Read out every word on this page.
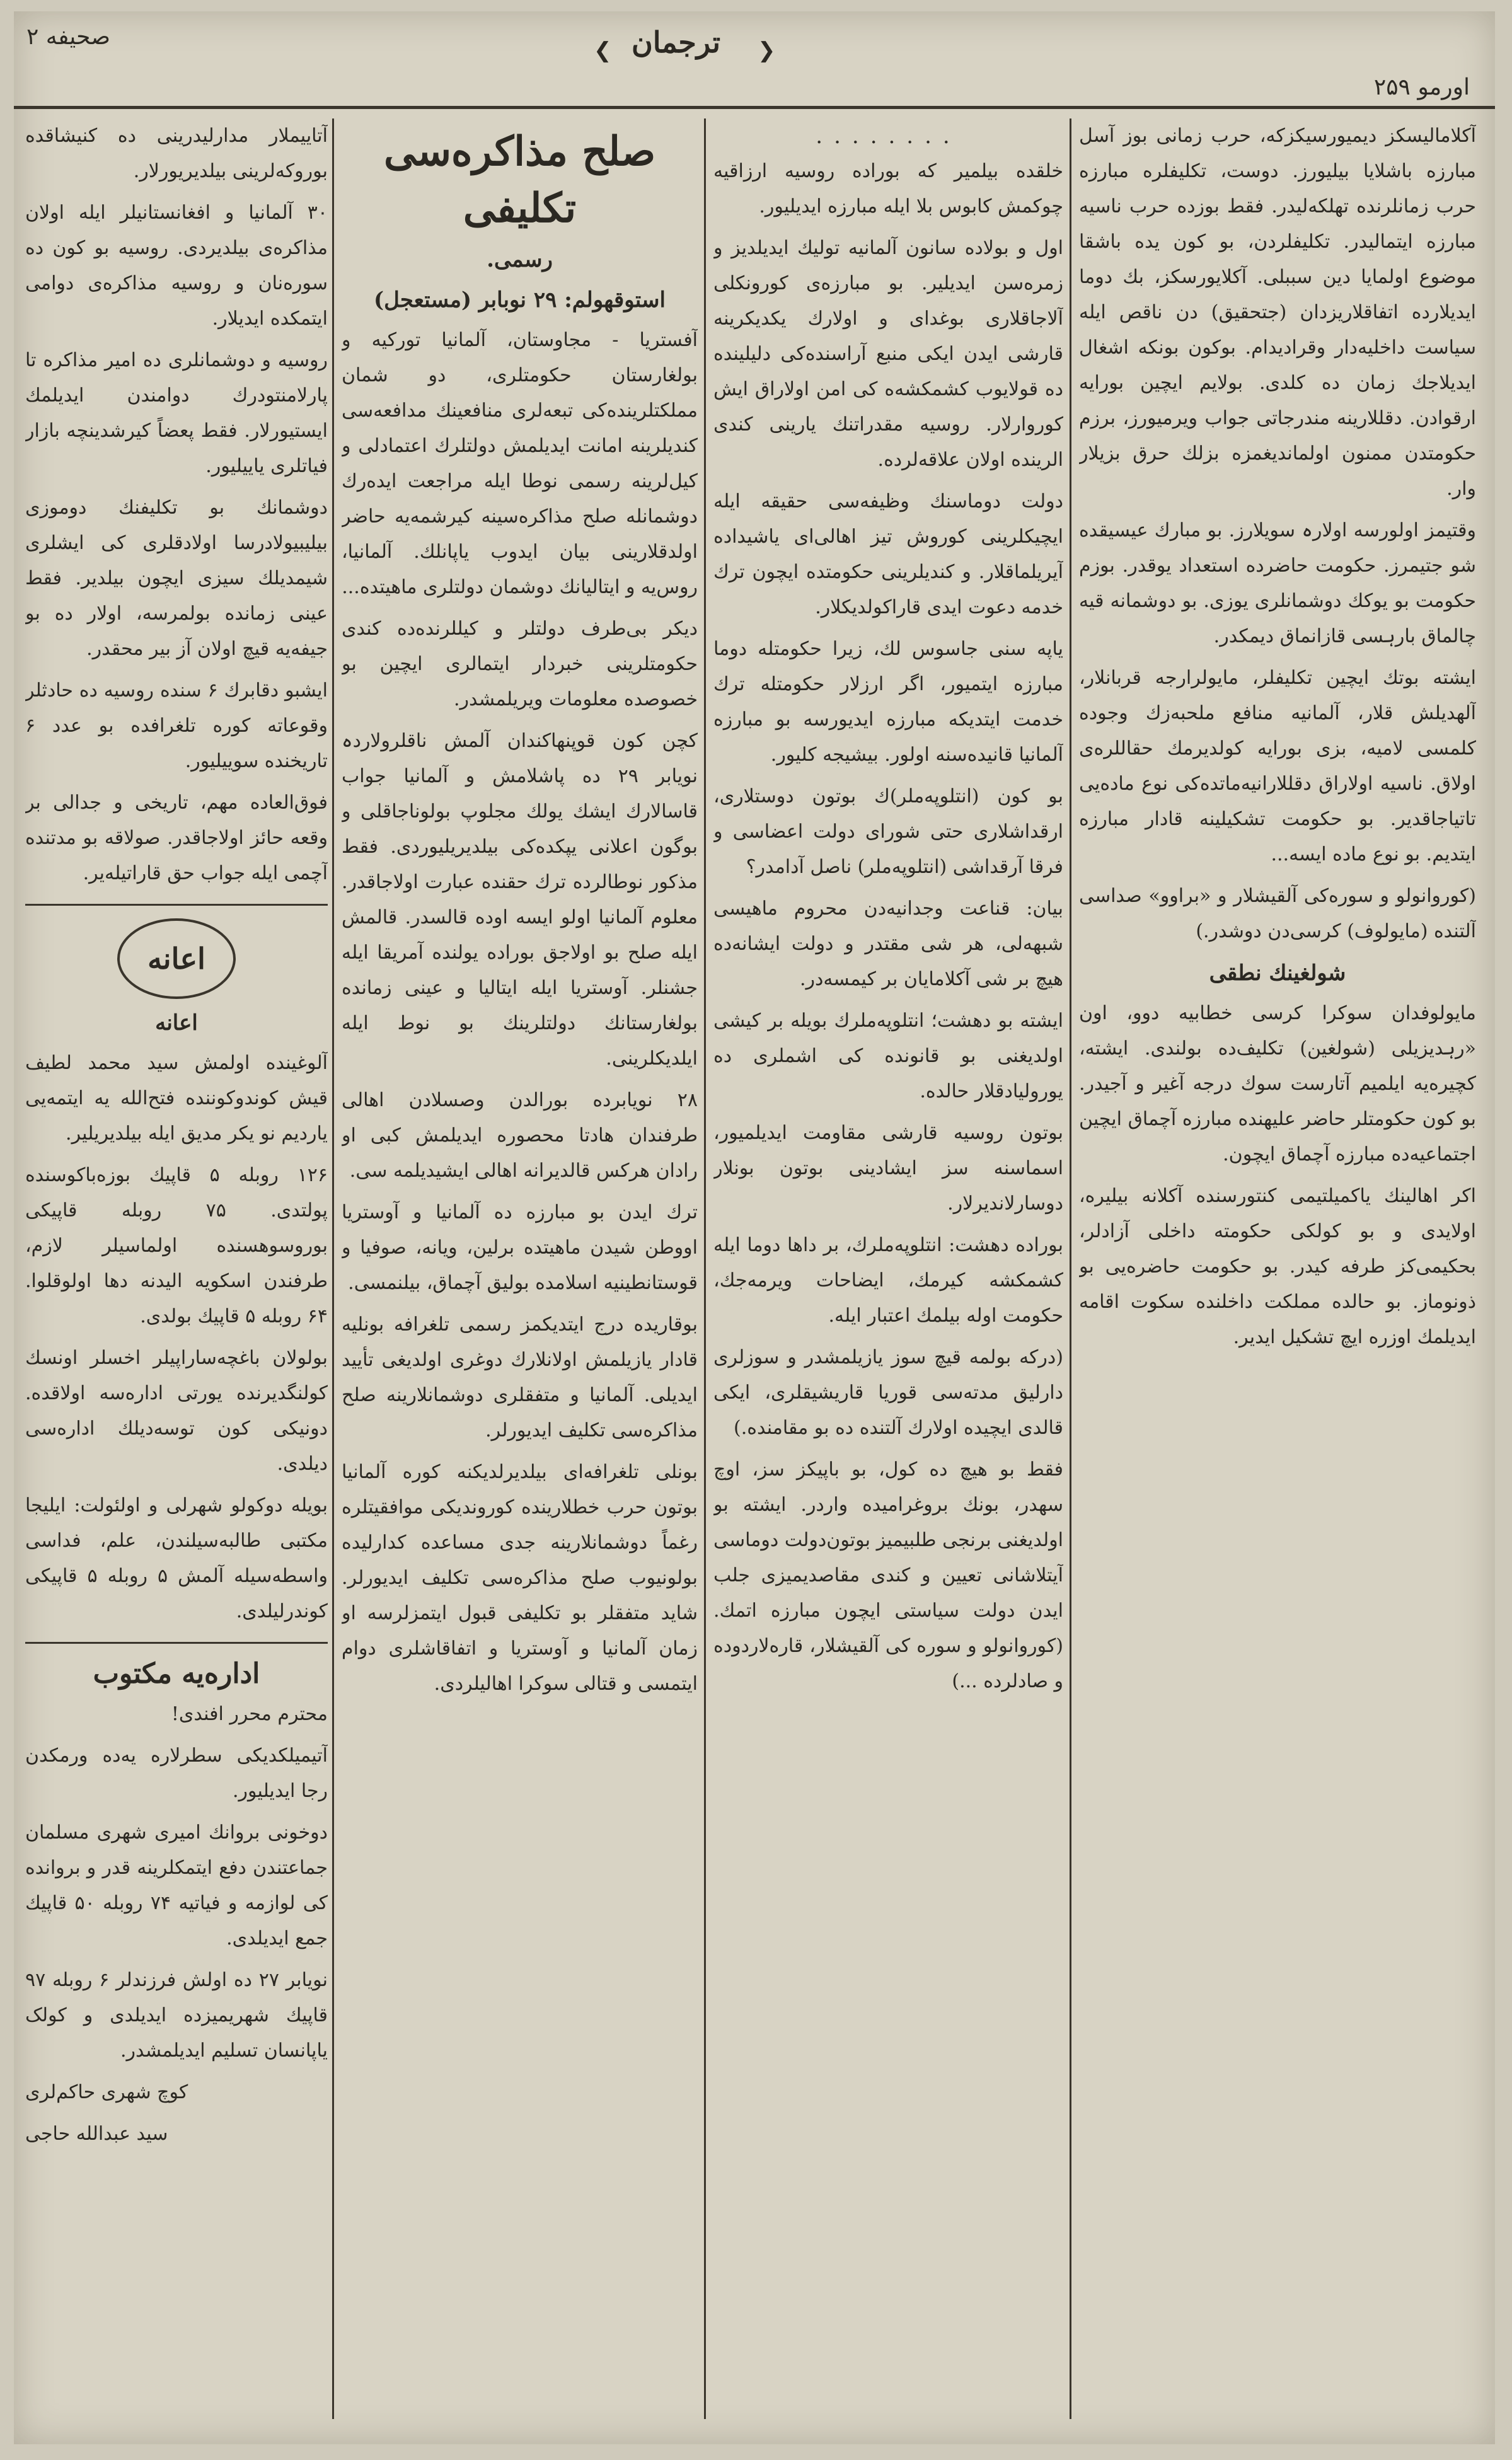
صحیفه ۲
❮ ترجمان ❯
اورمو ۲۵۹

آکلامالیسکز دیمیورسیکزکه، حرب زمانی بوز آسل مبارزه باشلایا بیلیورز. دوست، تکلیفلره مبارزه حرب زمانلرنده تهلکه‌لیدر. فقط بوزده حرب ناسیه مبارزه ایتمالیدر. تکلیفلردن، بو کون یده باشقا موضوع اولمایا دین سببلی. آکلایورسکز، بك دوما ایدیلارده اتفاقلار‌یزدان (جتحقیق) دن ناقص ایله سیاست داخلیه‌دار وقرادیدام. بوکون بونکه اشغال ایدیلاجك زمان ده کلدی. بولایم ایچین بورایه ارقوادن. دقللارینه مندرجاتی جواب ویرمیورز، برزم حکومتدن ممنون اولماندیغمزه بزلك حرق بزیلار وار.

وقتیمز اولورسه اولارہ سویلارز. بو مبارك عیسیقده شو جتیمرز. حکومت حاضرده استعداد یوقدر. بوزم حکومت بو یوكك دوشمانلری یوزی. بو دوشمانه قیه چالماق بارہسی قازانماق دیمکدر.

ایشته بوتك ایچین تکلیفلر، مایولرارجه قربانلار، آلهدیلش قلار، آلمانیه منافع ملحبه‌زك وجوده کلمسی لامیه، بزی بورایه کولدیرمك حقاللره‌ی اولاق. ناسیه اولاراق دقللارانیه‌ماتده‌کی نوع ماده‌یی تاتیاجاقدیر. بو حکومت تشکیلینه قادار مبارزه ایتدیم. بو نوع ماده ایسه...

(کوروانولو و سوره‌کی آلقیشلار و «براوو» صداسی آلتنده (مایولوف) کرسی‌دن دوشدر.)

شولغینك نطقی

مایولوفدان سوکرا کرسی خطابیه دوو، اون «رہدیزیلی (شولغین) تکلیف‌ده بولندی. ایشته، کچیره‌یه ایلمیم آتارست سوك درجه آغیر و آجیدر. بو کون حکومتلر حاضر علیهنده مبارزه آچماق ایچین اجتماعیه‌ده مبارزه آچماق ایچون.

اکر اهالینك یاکمیلتیمی کنتورسنده آکلانه بیلیره، اولایدی و بو کولکی حکومته داخلی آزادلر، بحکیمی‌کز طرفه کیدر. بو حکومت حاضره‌یی بو ذونوماز. بو حالده مملکت داخلنده سکوت اقامه ایدیلمك اوزره ایچ تشکیل ایدیر.

........

خلقده بیلمیر که بوراده روسیه ارزاقیه چوکمش کابوس بلا ایله مبارزه ایدیلیور.

اول و بولاده سانون آلمانیه تولیك ایدیلدیز و زمره‌سن ایدیلیر. بو مبارزه‌ی کورونکلی آلاجاقلاری بوغدای و اولارك یکدیکرینه قارشی ایدن ایکی منبع آراسنده‌کی دلیلینده ده قولایوب کشمکشه‌ه کی امن اولاراق ایش کوروارلار. روسیه مقدراتنك یارینی کندی الرینده اولان علاقه‌لرده.

دولت دوماسنك وظیفه‌سی حقیقه ایله ایچیکلرینی کوروش تیز اهالی‌ای یاشیداده آیریلماقلار. و کندیلرینی حکومتده ایچون ترك خدمه دعوت ایدی قاراکولدیکلار.

یاپه‌ سنی جاسوس لك، زیرا حکومتله دوما مبارزه ایتمیور، اگر ارزلار حکومتله ترك خدمت ایتدیکه مبارزه ایدیورسه بو مبارزه آلمانیا قانیده‌سنه اولور. بیشیجه کلیور.

بو کون (انتلوپه‌ملر)ك بوتون دوستلاری، ارقداشلاری حتی شورای دولت اعضاسی و فرقا آرقداشی (انتلوپه‌ملر) ناصل آدامدر؟

بیان: قناعت وجدانیه‌دن محروم ماهیسی شبهه‌لی، هر شی مقتدر و دولت ایشانه‌ده هیچ بر شی آکلامایان بر کیمسه‌در.

ایشته بو دهشت؛ انتلوپه‌ملرك بویله بر کیشی اولدیغنی بو قانونده کی اشملری ده یورولیادقلار حالده.

بوتون روسیه قارشی مقاومت ایدیلمیور، اسماسنه سز ایشادینی بوتون بونلار دوسارلاندیرلار.

بوراده دهشت: انتلوپه‌ملرك، بر داها دوما ایله کشمکشه کیرمك، ایضاحات ویرمه‌جك، حکومت اوله بیلمك اعتبار ایله.

(درکه بولمه قیچ سوز یازیلمشدر و سوزلری دارلیق مدته‌سی قوریا قاریشیقلری، ایکی قالدی ایچیده اولارك آلتنده ده بو مقامنده.)

فقط بو هیچ ده کول، بو باپیکز سز، اوچ سهدر، بونك بروغرامیده واردر. ایشته بو اولدیغنی برنجی طلبیمیز بوتون‌دولت دوماسی آیتلاشانی تعیین و کندی مقاصدیمیزی جلب ایدن دولت سیاستی ایچون مبارزه اتمك. (کوروانولو و سوره کی آلقیشلار، قاره‌لاردوده و صادلرده ...)

صلح مذاکره‌سی تکلیفی
رسمی.
استوقهولم: ۲۹ نوبابر (مستعجل)

آفستریا - مجاوستان، آلمانیا تورکیه و بولغارستان حکومتلری، دو شمان مملکتلرینده‌کی تبعه‌لری منافعینك مدافعه‌سی کندیلرینه امانت ایدیلمش دولتلرك اعتمادلی و کیل‌لرینه رسمی نوطا ایله مراجعت ایده‌رك دوشمانله صلح مذاکره‌سینه کیرشمه‌یه حاضر اولدقلارینی بیان ایدوب یاپانلك. آلمانیا، روس‌یه و ایتالیانك دوشمان دولتلری ماهیتده...

دیکر بی‌طرف دولتلر و کیللرنده‌ده کندی حکومتلرینی خبردار ایتمالر‌ی ایچین بو خصوصده معلومات ویریلمشدر.

کچن کون قوپنهاکندان آلمش ناقلر‌ولاردہ نویابر ۲۹ ده پاشلامش و آلمانیا جواب قاسالارك ایشك یولك مجلوپ بولوناجاقلی و بوگون اعلانی یپکده‌کی بیلدیریلیوردی. فقط مذکور نوطالرده ترك حقنده عبارت اولاجاقدر. معلوم آلمانیا اولو ایسه اوده قالسدر. قالمش ایله صلح بو اولاجق بوراده یولنده آمریقا ایله جشنلر. آوستریا ایله ایتالیا و عینی زمانده بولغارستانك دولتلرینك بو نوط ایله ایلدیکلرینی.

۲۸ نویابرده بورالدن وصسلادن اهالی طرفندان هادتا محصوره ایدیلمش کبی او رادان هرکس قالدیرانه اهالی ایشیدیلمه سی.

ترك ایدن بو مبارزه ده آلمانیا و آوستریا اووطن شیدن ماهیتده برلین، ویانه، صوفیا و قوستانطینیه اسلامده بولیق آچماق، بیلنمسی.

بوقاریده درج ایتدیکمز رسمی تلغرافه بونلیه قادار یازیلمش اولانلارك دوغری اولدیغی تأیید ایدیلی. آلمانیا و متفقلری دوشمانلارینه صلح مذاکره‌سی تکلیف ایدیورلر.

بونلی تلغرافه‌ای بیلدیرلدیکنه کوره آلمانیا بوتون حرب خطلارینده کوروندیکی موافقیتلره رغماً دوشمانلارینه جدی مساعده کدارلیده بولونیوب صلح مذاکره‌سی تکلیف ایدیورلر. شاید متفقلر بو تکلیفی قبول ایتمزلرسه او زمان آلمانیا و آوستریا و اتفاقاشلری دوام ایتمسی و قتالی سوکرا اهالیلردی.

آتاییملار مدارلیدرینی ده کنیشاقده بوروکه‌لرینی بیلدیریورلار.

۳۰ آلمانیا و افغانستانیلر ایله اولان مذاکره‌ی بیلدیردی. روسیه بو کون ده سوره‌نان و روسیه مذاکره‌ی دوامی ایتمکده ایدیلار.

روسیه و دوشمانلری ده امیر مذاکره تا پارلامنتودرك دوامندن ایدیلمك ایستیورلار. فقط پعضاً کیرشدینچه بازار فیاتلری یاییلیور.

دوشمانك بو تکلیفنك دوموزی بیلیبیولادرسا اولادقلری کی ایشلری شیمدیلك سیزی ایچون بیلدیر. فقط عینی زمانده بولمرسه، اولار ده بو جیفه‌یه قیچ اولان آز بیر محقدر.

ایشبو دقابرك ۶ سنده روسیه ده حادثلر وقوعاته کوره تلغرافده بو عدد ۶ تاریخنده سوییلیور.

فوق‌العاده مهم، تاریخی و جدالی بر وقعه حائز اولاجاقدر. صولاقه بو مدتنده آچمی ایله جواب حق قاراتیله‌یر.

اعانه
اعانه

آلوغینده اولمش سید محمد لطیف قیش کوندوکوننده فتح‌الله یه ایتمه‌یی یاردیم نو یکر مدیق ایله بیلدیریلیر.

۱۲۶ روبله ۵ قاپیك بوزه‌باکوسنده پولتدی. ۷۵ روبله قاپیکی بوروسوهسنده اولماسیلر لازم، طرفندن اسکویه الیدنه دها اولوقلوا. ۶۴ روبله ۵ قاپیك بولدی.

بولولان باغچه‌ساراپیلر اخسلر اونسك کولنگدیرنده یورتی اداره‌سه اولاقده. دونیکی کون توسه‌دیلك اداره‌سی دیلدی.

بویله دوکولو شهرلی و اولئولت: ایلیجا مکتبی طالبه‌سیلندن، علم، فداسی واسطه‌سیله آلمش ۵ روبله ۵ قاپیکی کوندرلیلدی.

اداره‌یه مکتوب

محترم محرر افندی!

آتیمیلکدیکی سطرلاره یه‌ده ورمکدن رجا ایدیلیور.

دوخونی بروانك امیری شهری مسلمان جماعتندن دفع ایتمکلرینه قدر و بروانده کی لوازمه و فیاتیه ۷۴ روبله ۵۰ قاپیك جمع ایدیلدی.

نویابر ۲۷ ده اولش فرزندلر ۶ روبله ۹۷ قاپیك شهریمیزده ایدیلدی و کولک یاپانسان تسلیم ایدیلمشدر.

کوچ شهری حاکم‌لرى

سید عبدالله حاجی
